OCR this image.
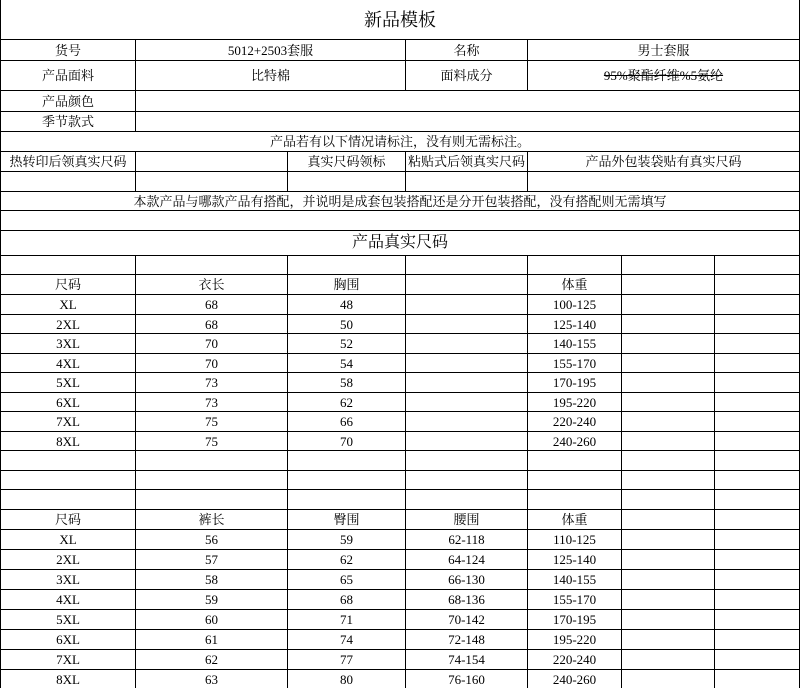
新品模板
货号	5012+2503套服	名称	男士套服
产品面料	比特棉	面料成分	95%聚酯纤维%5氨纶
产品颜色
季节款式
产品若有以下情况请标注，没有则无需标注。
热转印后领真实尺码	真实尺码领标	粘贴式后领真实尺码	产品外包装袋贴有真实尺码
本款产品与哪款产品有搭配，并说明是成套包装搭配还是分开包装搭配，没有搭配则无需填写
产品真实尺码
尺码	衣长	胸围	体重
XL	68	48	100-125
2XL	68	50	125-140
3XL	70	52	140-155
4XL	70	54	155-170
5XL	73	58	170-195
6XL	73	62	195-220
7XL	75	66	220-240
8XL	75	70	240-260
尺码	裤长	臀围	腰围	体重
XL	56	59	62-118	110-125
2XL	57	62	64-124	125-140
3XL	58	65	66-130	140-155
4XL	59	68	68-136	155-170
5XL	60	71	70-142	170-195
6XL	61	74	72-148	195-220
7XL	62	77	74-154	220-240
8XL	63	80	76-160	240-260
